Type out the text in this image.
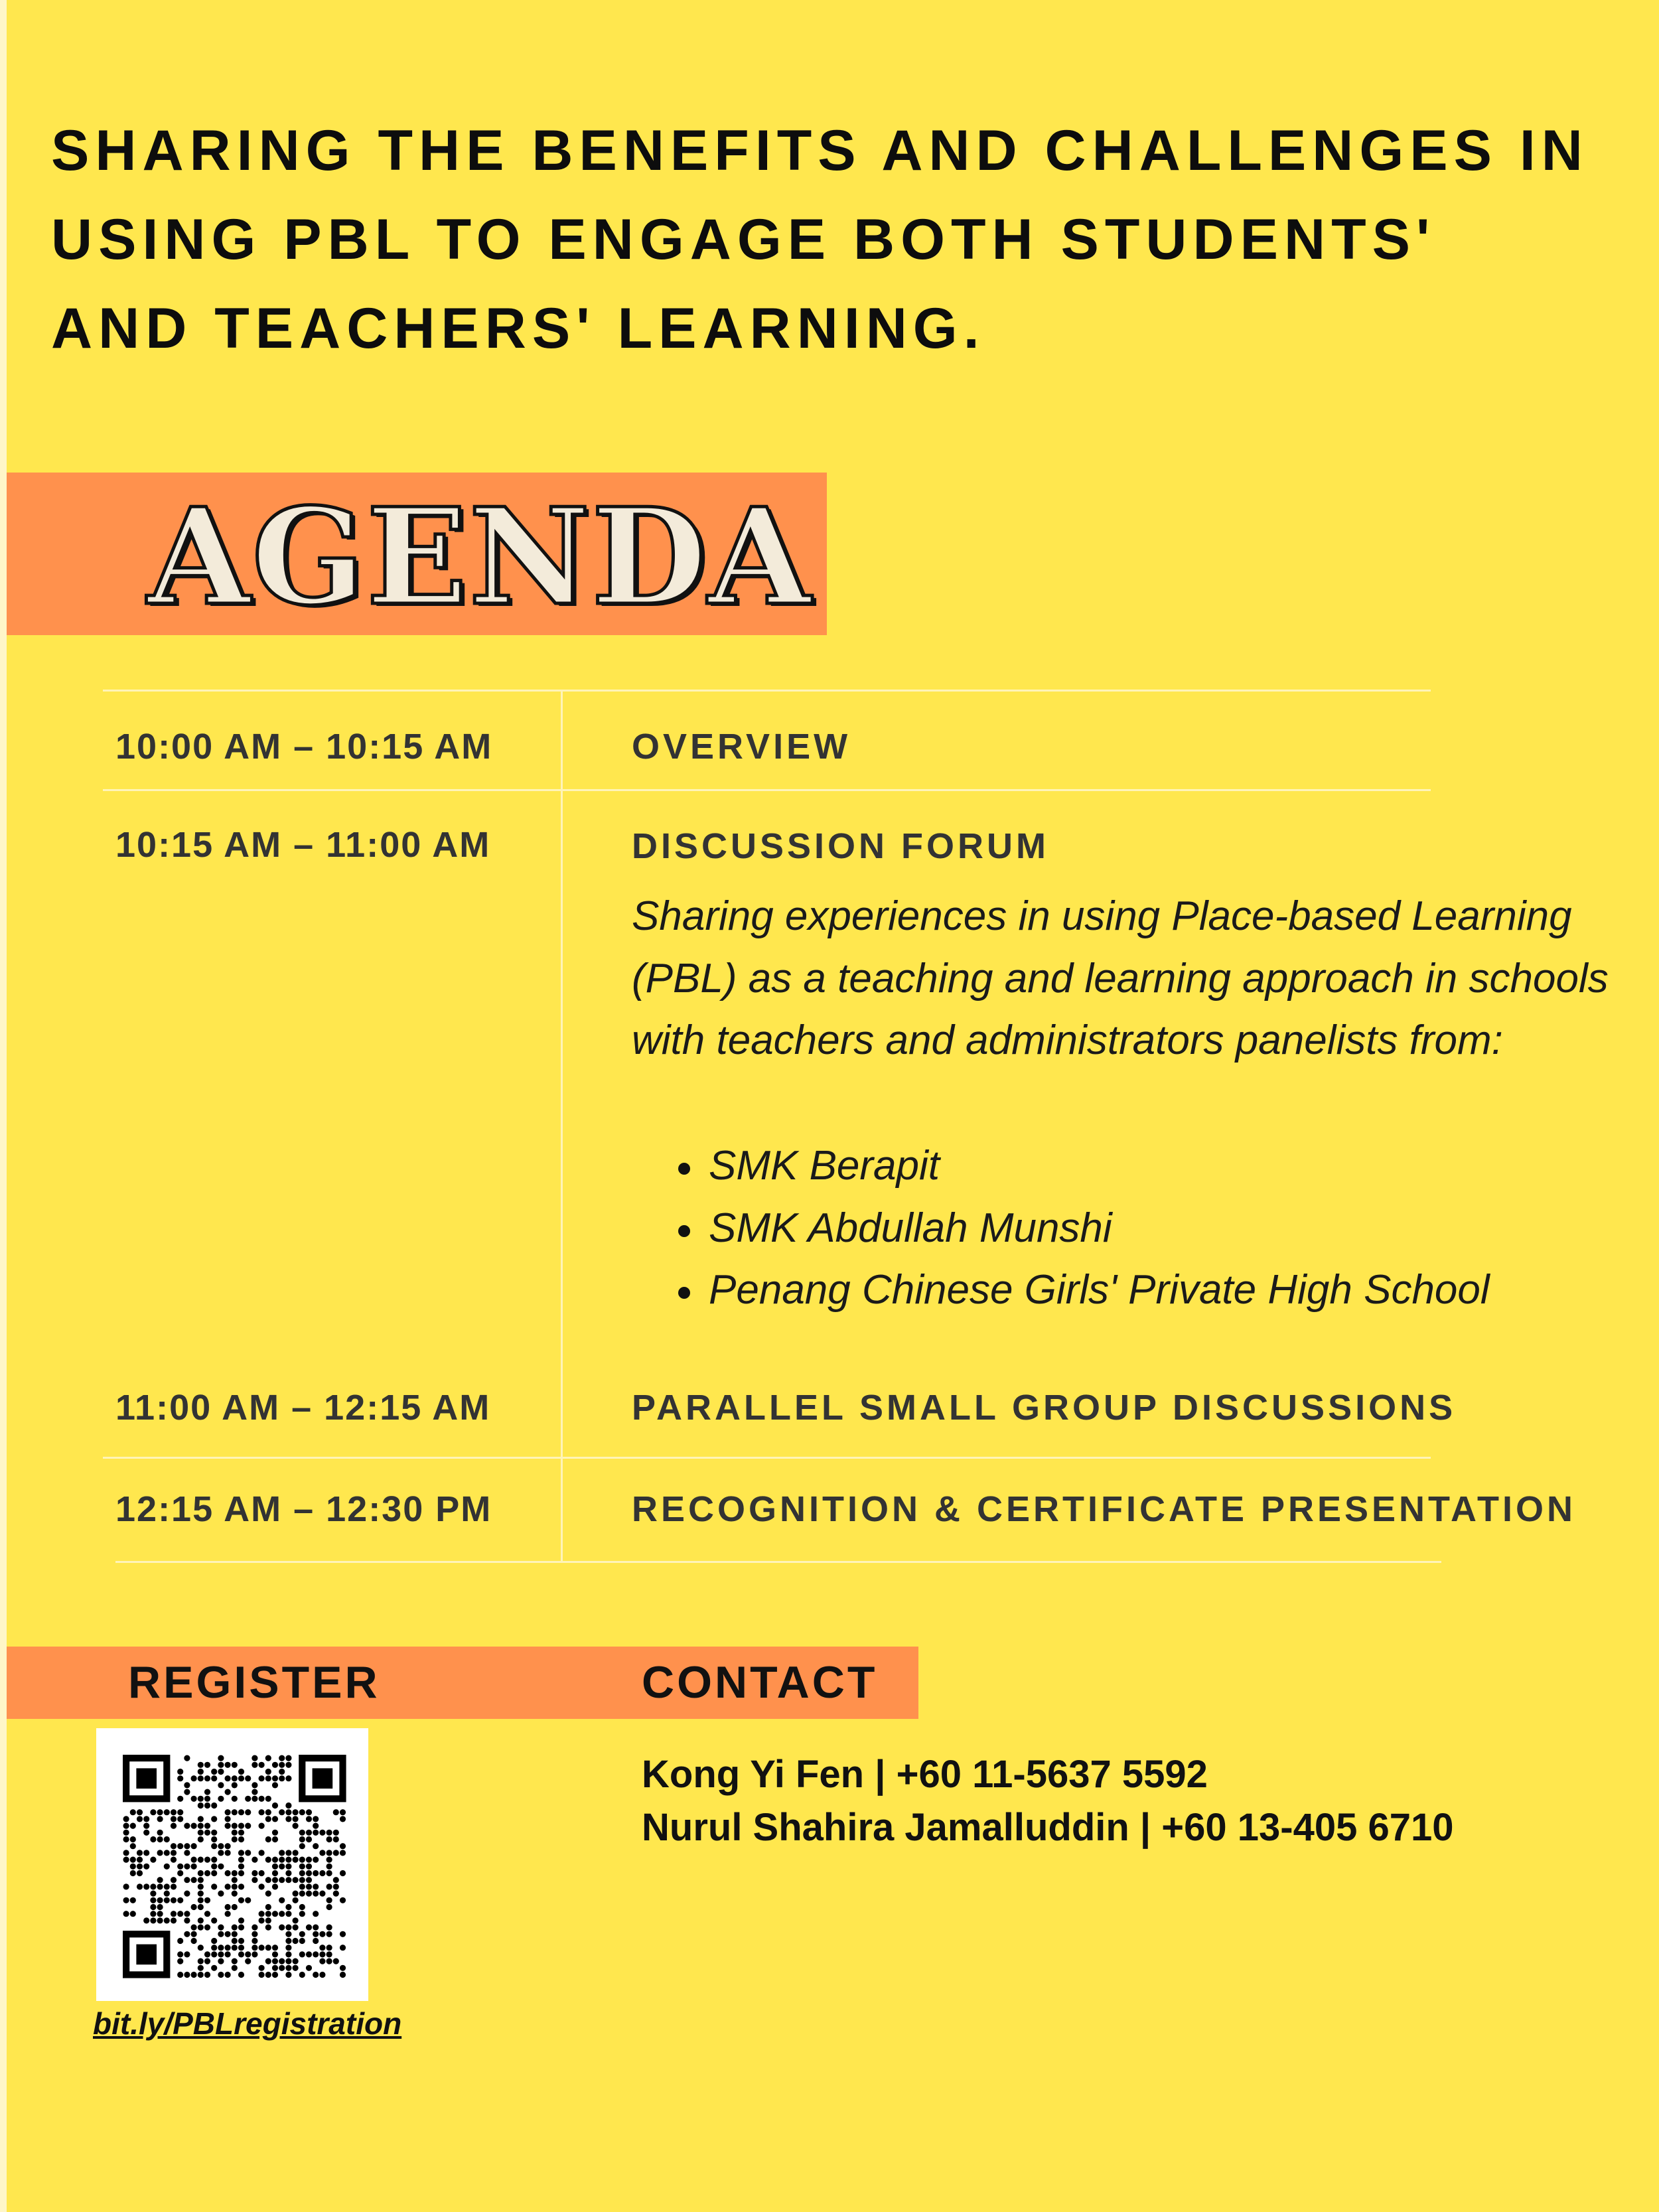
SHARING THE BENEFITS AND CHALLENGES IN
USING PBL TO ENGAGE BOTH STUDENTS'
AND TEACHERS' LEARNING.
AGENDA
10:00 AM – 10:15 AM	OVERVIEW
10:15 AM – 11:00 AM	DISCUSSION FORUM
Sharing experiences in using Place-based Learning
(PBL) as a teaching and learning approach in schools
with teachers and administrators panelists from:
SMK Berapit
SMK Abdullah Munshi
Penang Chinese Girls' Private High School
11:00 AM – 12:15 AM	PARALLEL SMALL GROUP DISCUSSIONS
12:15 AM – 12:30 PM	RECOGNITION & CERTIFICATE PRESENTATION
REGISTER	CONTACT
bit.ly/PBLregistration
Kong Yi Fen | +60 11-5637 5592
Nurul Shahira Jamalluddin | +60 13-405 6710
